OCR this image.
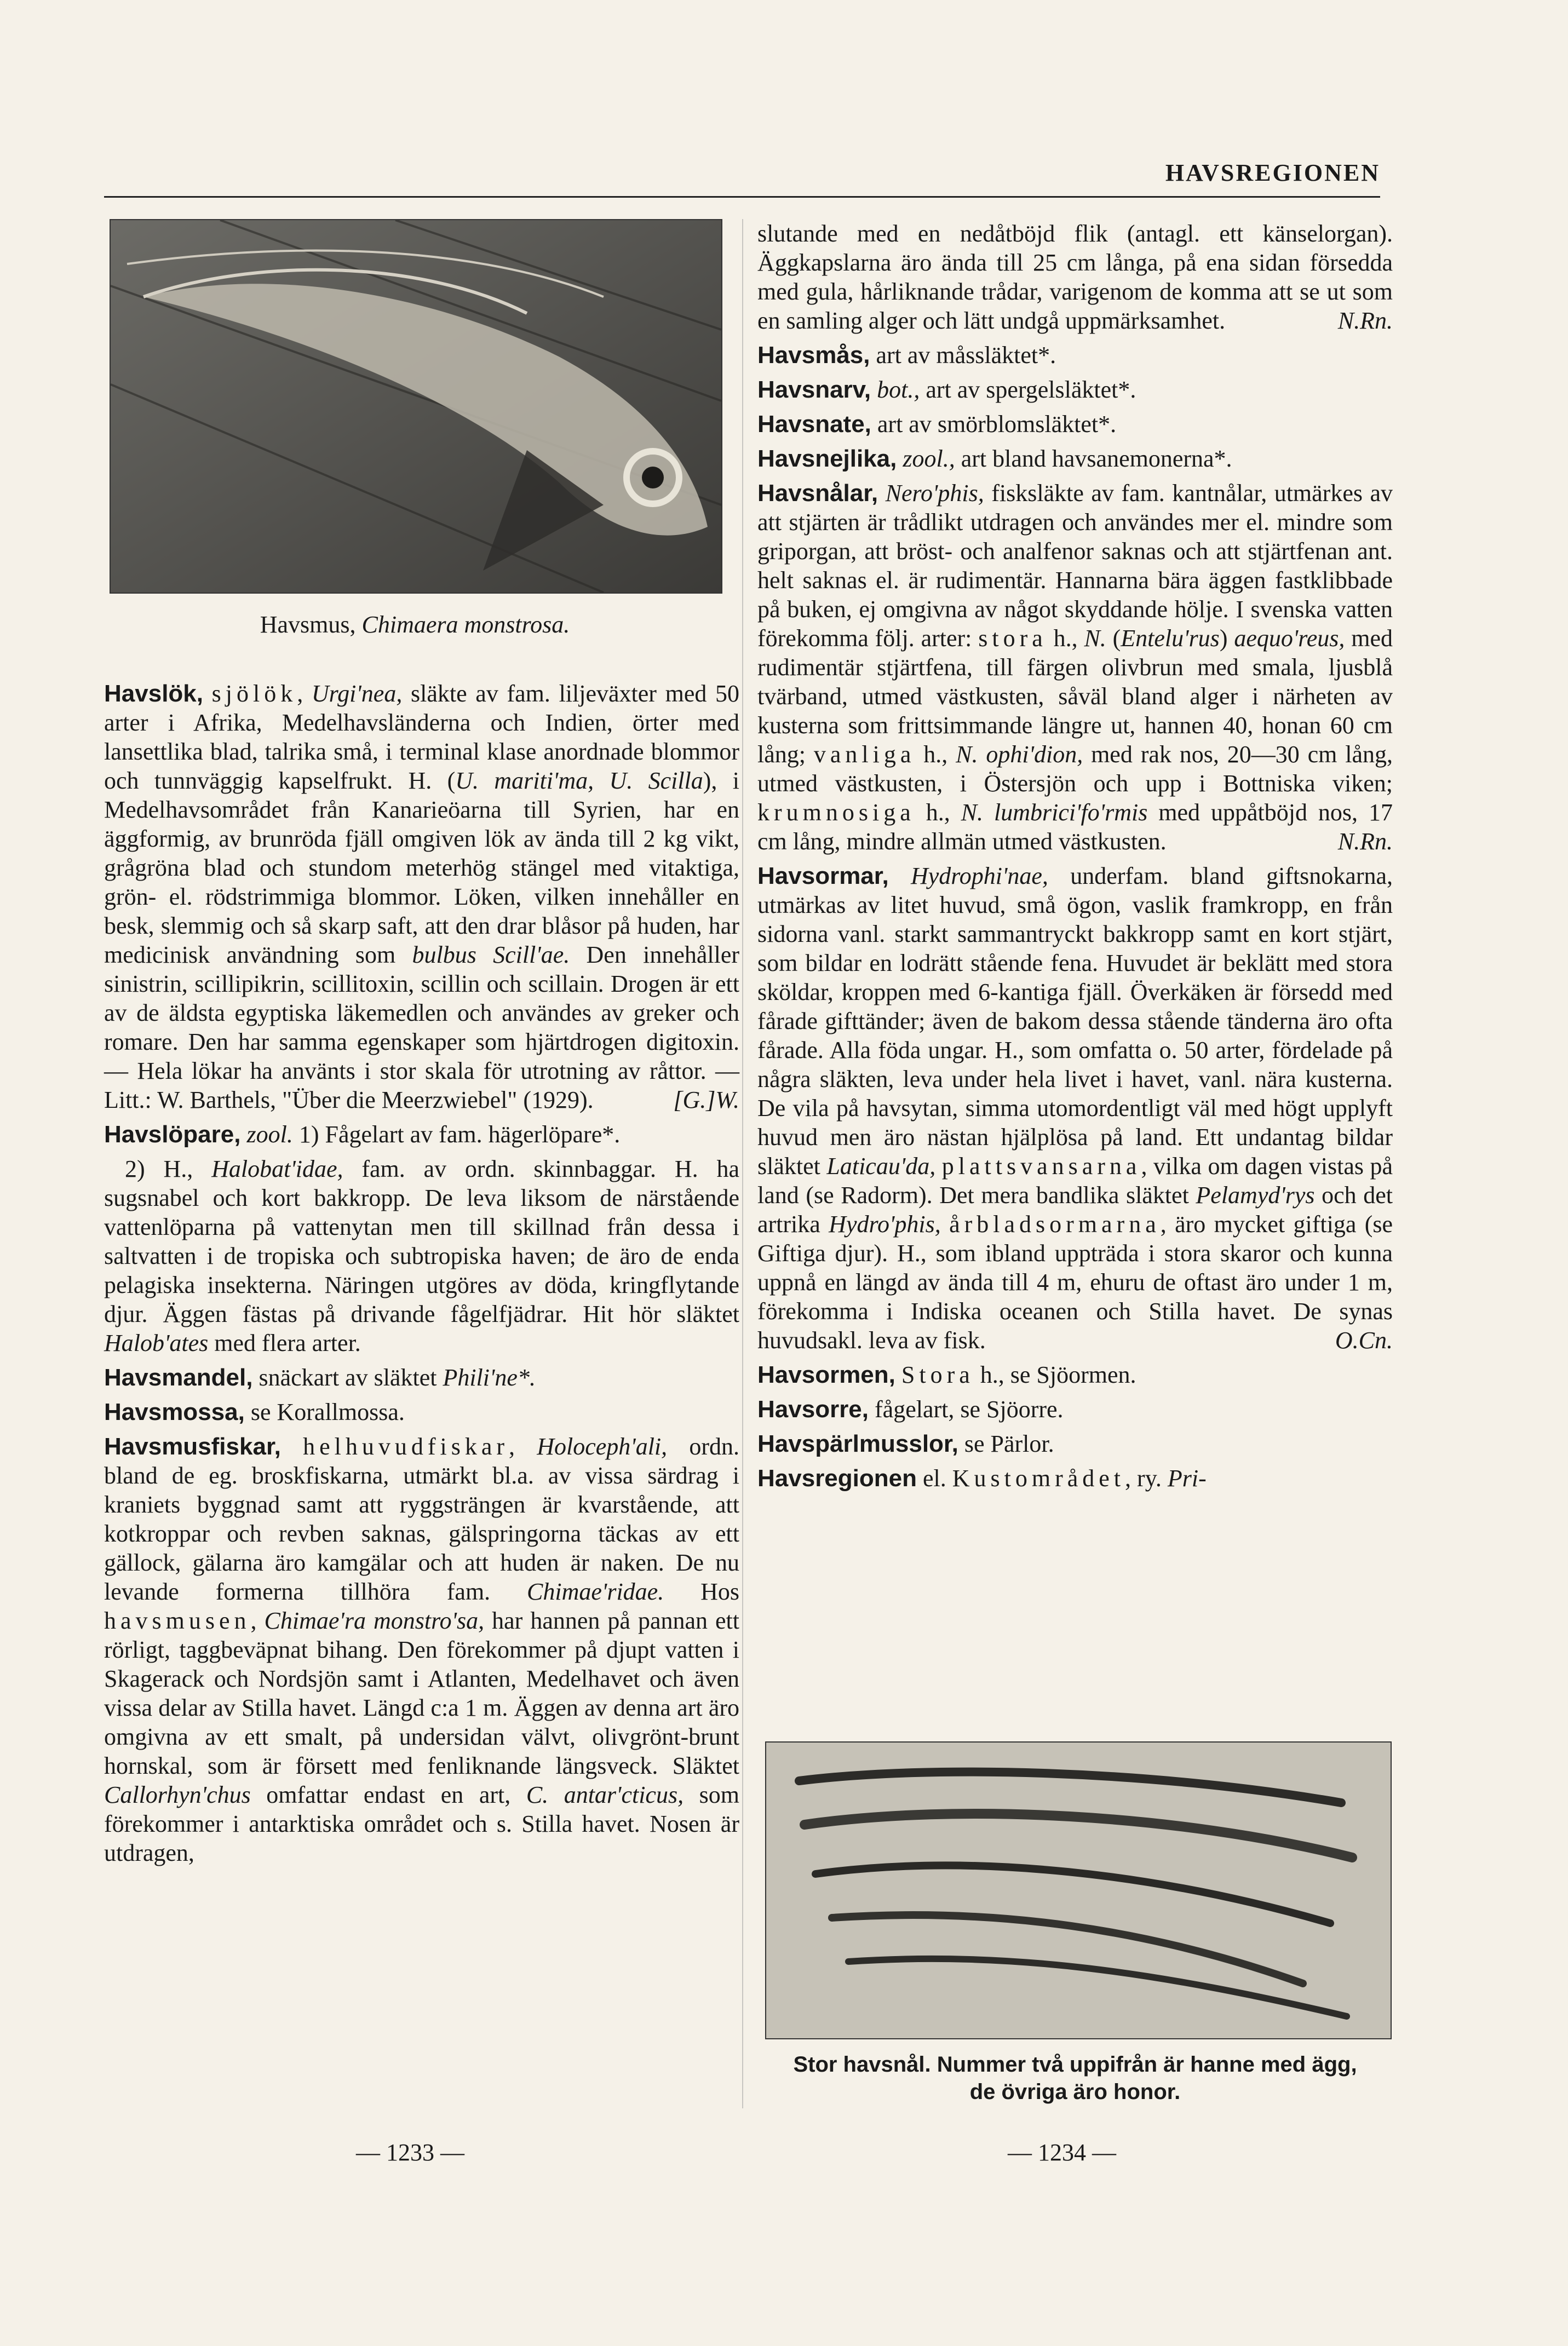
HAVSREGIONEN
Havsmus, Chimaera monstrosa.

Havslök, sjölök, Urgi'nea, släkte av fam. liljeväxter med 50 arter i Afrika, Medelhavsländerna och Indien, örter med lansettlika blad, talrika små, i terminal klase anordnade blommor och tunnväggig kapselfrukt. H. (U. mariti'ma, U. Scilla), i Medelhavsområdet från Kanarieöarna till Syrien, har en äggformig, av brunröda fjäll omgiven lök av ända till 2 kg vikt, grågröna blad och stundom meterhög stängel med vitaktiga, grön- el. rödstrimmiga blommor. Löken, vilken innehåller en besk, slemmig och så skarp saft, att den drar blåsor på huden, har medicinisk användning som bulbus Scill'ae. Den innehåller sinistrin, scillipikrin, scillitoxin, scillin och scillain. Drogen är ett av de äldsta egyptiska läkemedlen och användes av greker och romare. Den har samma egenskaper som hjärtdrogen digitoxin. — Hela lökar ha använts i stor skala för utrotning av råttor. — Litt.: W. Barthels, "Über die Meerzwiebel" (1929).	[G.]W.

Havslöpare, zool. 1) Fågelart av fam. hägerlöpare*.

2) H., Halobat'idae, fam. av ordn. skinnbaggar. H. ha sugsnabel och kort bakkropp. De leva liksom de närstående vattenlöparna på vattenytan men till skillnad från dessa i saltvatten i de tropiska och subtropiska haven; de äro de enda pelagiska insekterna. Näringen utgöres av döda, kringflytande djur. Äggen fästas på drivande fågelfjädrar. Hit hör släktet Halob'ates med flera arter.

Havsmandel, snäckart av släktet Phili'ne*.

Havsmossa, se Korallmossa.

Havsmusfiskar, helhuvudfiskar, Holoceph'ali, ordn. bland de eg. broskfiskarna, utmärkt bl.a. av vissa särdrag i kraniets byggnad samt att ryggsträngen är kvarstående, att kotkroppar och revben saknas, gälspringorna täckas av ett gällock, gälarna äro kamgälar och att huden är naken. De nu levande formerna tillhöra fam. Chimae'ridae. Hos havsmusen, Chimae'ra monstro'sa, har hannen på pannan ett rörligt, taggbeväpnat bihang. Den förekommer på djupt vatten i Skagerack och Nordsjön samt i Atlanten, Medelhavet och även vissa delar av Stilla havet. Längd c:a 1 m. Äggen av denna art äro omgivna av ett smalt, på undersidan välvt, olivgrönt-brunt hornskal, som är försett med fenliknande längsveck. Släktet Callorhyn'chus omfattar endast en art, C. antar'cticus, som förekommer i antarktiska området och s. Stilla havet. Nosen är utdragen,

slutande med en nedåtböjd flik (antagl. ett känselorgan). Äggkapslarna äro ända till 25 cm långa, på ena sidan försedda med gula, hårliknande trådar, varigenom de komma att se ut som en samling alger och lätt undgå uppmärksamhet.	N.Rn.

Havsmås, art av måssläktet*.

Havsnarv, bot., art av spergelsläktet*.

Havsnate, art av smörblomsläktet*.

Havsnejlika, zool., art bland havsanemonerna*.

Havsnålar, Nero'phis, fisksläkte av fam. kantnålar, utmärkes av att stjärten är trådlikt utdragen och användes mer el. mindre som griporgan, att bröst- och analfenor saknas och att stjärtfenan ant. helt saknas el. är rudimentär. Hannarna bära äggen fastklibbade på buken, ej omgivna av något skyddande hölje. I svenska vatten förekomma följ. arter: stora h., N. (Entelu'rus) aequo'reus, med rudimentär stjärtfena, till färgen olivbrun med smala, ljusblå tvärband, utmed västkusten, såväl bland alger i närheten av kusterna som frittsimmande längre ut, hannen 40, honan 60 cm lång; vanliga h., N. ophi'dion, med rak nos, 20—30 cm lång, utmed västkusten, i Östersjön och upp i Bottniska viken; krumnosiga h., N. lumbrici'fo'rmis med uppåtböjd nos, 17 cm lång, mindre allmän utmed västkusten.	N.Rn.

Havsormar, Hydrophi'nae, underfam. bland giftsnokarna, utmärkas av litet huvud, små ögon, vaslik framkropp, en från sidorna vanl. starkt sammantryckt bakkropp samt en kort stjärt, som bildar en lodrätt stående fena. Huvudet är beklätt med stora sköldar, kroppen med 6-kantiga fjäll. Överkäken är försedd med fårade gifttänder; även de bakom dessa stående tänderna äro ofta fårade. Alla föda ungar. H., som omfatta o. 50 arter, fördelade på några släkten, leva under hela livet i havet, vanl. nära kusterna. De vila på havsytan, simma utomordentligt väl med högt upplyft huvud men äro nästan hjälplösa på land. Ett undantag bildar släktet Laticau'da, plattsvansarna, vilka om dagen vistas på land (se Radorm). Det mera bandlika släktet Pelamyd'rys och det artrika Hydro'phis, årbladsormarna, äro mycket giftiga (se Giftiga djur). H., som ibland uppträda i stora skaror och kunna uppnå en längd av ända till 4 m, ehuru de oftast äro under 1 m, förekomma i Indiska oceanen och Stilla havet. De synas huvudsakl. leva av fisk.	O.Cn.

Havsormen, Stora h., se Sjöormen.

Havsorre, fågelart, se Sjöorre.

Havspärlmusslor, se Pärlor.

Havsregionen el. Kustområdet, ry. Pri-

Stor havsnål. Nummer två uppifrån är hanne med ägg,
de övriga äro honor.
— 1233 —	— 1234 —
